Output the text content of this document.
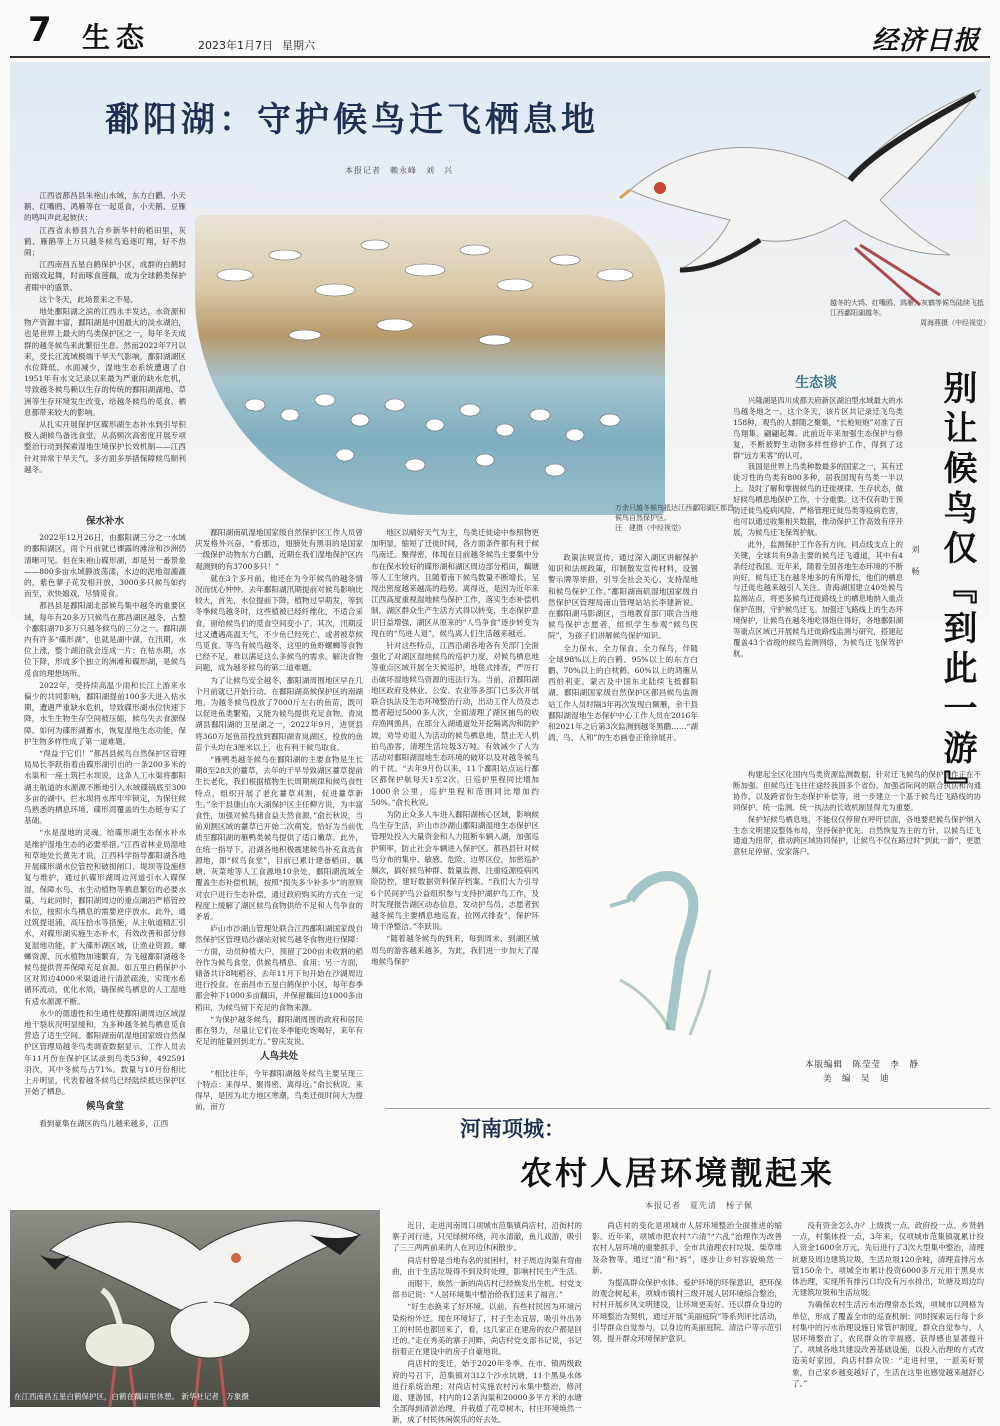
7 生态	2023年1月7日 星期六	经济日报
鄱阳湖：守护候鸟迁飞栖息地
本报记者　赖永峰　刘　兴
越冬的大鸨、红嘴鸥、鸿雁、灰鹤等候鸟陆续飞抵江西鄱阳湖越冬。

周海燕摄（中经视觉）
万余只越冬候鸟抵达江西鄱阳湖区都昌候鸟自然保护区。
汪　建摄（中经视觉）

江西省都昌县朱袍山水域，东方白鹳、小天鹅、红嘴鸥、鸿雁等在一起觅食，小天鹅、豆雁的鸣叫声此起彼伏；

江西省永修县九合乡新华村的稻田里，灰鹤、雁鹅等上万只越冬候鸟追逐叮翔，好不热闹；

江西南昌五星白鹤保护小区，成群的白鹤时而嬉戏起舞，时而啄食莲藕，成为全球鹤类保护者眼中的盛景。

这个冬天，此场景来之不易。

地处鄱阳湖之滨的江西永丰发达，水资源和物产资源丰富，鄱阳湖是中国最大的淡水湖泊，也是世界上最大的鸟类保护区之一，每年冬天成群的越冬候鸟来此繁衍生息。然而2022年7月以来，受长江流域极端干旱天气影响，鄱阳湖湖区水位降低、水面减少，湿地生态系统遭遇了自1951年有水文记录以来最为严重的缺水危机，导致越冬候鸟赖以生存的传统的鄱阳湖湖地、草洲等生存环境发生改变，给越冬候鸟的觅食、栖息都带来较大的影响。

从扎实开展保护区碟形湖生态补水到引导积极入湖候鸟备选食堂，从高频次高密度开展专项整治行动到探索湿地生境保护长效机制——江西针对异常干旱天气，多方面多举措保障候鸟顺利越冬。

保水补水

2022年12月26日，由鄱阳湖三分之一水域的鄱阳湖区，雨个月前就已裸露的滩涂和沙洲仍清晰可见。但在朱袍山碟形湖，却是另一番景象——800多亩水域静波荡漾，水边的泥地湿漉漉的，紫色蓼子花发相开放，3000多只候鸟如约而至，欢快嬉戏、尽情觅食。

都昌县是鄱阳湖北部候鸟集中越冬的重要区域，每年有20多万只候鸟在都昌湖区越冬，占整个鄱阳湖70多万只越冬候鸟的三分之一。鄱阳湖内有许多“碟形湖”，也就是湖中湖，在汛期，水位上涨，整个湖泊就会连成一片；在枯水期，水位下降，形成多个独立的洲滩和碟形湖，是候鸟觅食的理想场所。

2022年，受持续高温少雨和长江上游来水偏少的共同影响，鄱阳湖提前100多天进入枯水期，遭遇严重缺水危机，导致碟形湖水位快速下降，水生生物生存空间被压缩，候鸟失去食源保障。如何为碟形湖蓄水，恢复湿地生态功能，保护生物多样性成了第一道难题。

“得益于它们！”都昌县候鸟自然保护区管理局局长李跃指着由碟形湖引出的一条200多米的水渠和一座土筑拦水坝说，这条人工水渠将鄱阳湖主航道的水源源不断地引入水域碟锅底至300多亩的湖中。拦水坝将水库牢牢锁定，为保住候鸟熟悉的栖息环境、碟形湾覆盖的生态链夯实了基础。

“水是湿地的灵魂。给碟形湖生态保水补水是维护湿地生态的必要举措。”江西省林业局湿地和草地处长黄先才说，江西科学指导鄱阳湖各地开展碟形湖水位管控和破损闸口、堤坝等设施修复与维护，通过扒碟形湖周边河道引水入碟保湿，保障水鸟、水生动植物等栖息繁衍的必要水量。与此同时，鄱阳湖周边的重点湖泊严格管控水位，按照水鸟栖息的需要逆序放水。此外，通过筑提退浦，高压拾水等措施，从主航道精汇引水，对碟形湖实施生态补水，有效改善和部分修复湿地功能，扩大碟形湖区域，让渔业资源、螺蛳资源、沉水植物加速繁育，为飞越鄱阳湖越冬候鸟提供营养保障充足食源。如五里白鹤保护小区对周边4000米渠道进行清淤疏浚，实现水系循环流动，优化水质，确保候鸟栖息的人工湿地有适水源源不断。

水少的德遗性和生通性使鄱阳湖周边区域湿地干裂状况明显缓和，为多种越冬候鸟栖息觅食营造了适生空间。鄱阳湖南矶湿地国家级自然保护区管理局越冬鸟类调查数据显示，工作人员去年11月份在保护区试录到鸟类53种，492591羽次，其中冬候鸟占71%，数量与10月份相比上升明显，代表着越冬候鸟已经陆续抵达保护区开始了栖息。

候鸟食堂

看到豪集在湖区的鸟儿越来越多，江西

鄱阳湖南矶湿地国家级自然保护区工作人员曾庆发格外兴奋，“看那边，翅膀处有黑羽的是国家一级保护动物东方白鹳，近期在我们湿地保护区内观测到的有3700多只！”

就在3个多月前，他还在为今年候鸟的越冬情况而忧心忡忡。去年鄱阳湖汛期提前对候鸟影响比较大，首先，水位提前下降，植物过早萌发，等到冬季候鸟越冬时，这些植被已经纤维化，不适合采食，留给候鸟们的觅食空间变小了。其次，汛期反过又遭遇高温天气，不少鱼已经死亡，或者被草候鸟觅食。等鸟有候鸟越冬，这里的鱼虾螺蛳等食物已经不足，难以满足这么多候鸟的需求。解决食物问题，成为越冬候鸟的第二道难题。

为了让候鸟安全越冬，鄱阳湖周围地区早在几个月前就已开始行动。在鄱阳湖高候保护区的南湖地，为越冬候鸟投放了7000斤左右的鱼苗，既可以促进鱼类繁殖，又能为候鸟提供充足食物。青岚湖县鄱阳湖的卫星湖之一，2022年9月，进贤县将360万尾鱼苗投放到鄱阳湖青岚湖区，投放的鱼苗个头均在3厘米以上，也有利于候鸟取食。

“雁鸭类越冬候鸟在鄱阳湖的主要食物是生长期8至28天的薹草，去年的干旱导致湖区薹草提前生长老化，我们根据植物生长周期规律和候鸟食性特点，组织开展了老化薹草刈割，促进薹草新生。”余干县康山东大湖保护区主任柳方说，为丰富食性，加强对候鸟储食益天然食源，”俞长秋说，当前刈割区域的薹草已开始二次萌发，恰好为当前优质至鄱阳湖的雁鸭类候鸟提供了适口嫩草。此外，在统一指导下，沿湖各地积极震建候鸟补充食选食源地，即“候鸟食堂”，目前已累计建备稻田、藕塘、灰菜地等人工食源地10余处，鄱阳湖流域全覆盖生态补偿机制，按照“损失多少补多少”的原则对农户进行生态补偿，通过政府购买的方式在一定程度上缓解了湖区候鸟食物供给不足和人鸟争食的矛盾。

庐山市沙湖山管理处联合江西鄱阳湖国家级自然保护区管理局沙湖站对候鸟越冬食物进行保障：一方面，动员种植大户，预留了200亩未收割的稻谷作为候鸟食堂，供候鸟栖息、食用；另一方面，储备共计8吨稻谷，去年11月下旬开始在沙湖周边进行投食。在南昌市五星白鹤保护小区，每年春季都会种下1000多亩藕田，并保留藕田边1000多亩稻田，为候鸟留下充足的食物来源。

“为保护越冬候鸟，鄱阳湖周围的政府和居民都在努力，尽量让它们在冬季能吃饱喝好，来年有充足的能量回到北方。”曾庆发说。

人鸟共处

“相比往年，今年鄱阳湖越冬候鸟主要呈现三个特点：来得早、聚得密、离得近。”俞长秋说。来得早，是因为北方地区寒潮，鸟类迁徙时间大为提前，南方

地区以晴好天气为主，鸟类迁徙途中参照物更加明显，缩短了迁徙时间，各方面条件都有利于候鸟南迁。聚得密，体现在目前越冬候鸟主要集中分布在保水较好的碟形湖和湖区周边部分稻田，藕塘等人工生境内，且随着南下候鸟数量不断增长，呈现出密度越来越高的趋势。离得近，是因为近年来江西高度重视湿地候鸟保护工作，落实生态补偿机制，湖区群众生产生活方式得以转变，生态保护意识日益增强，湖区从原来的“人鸟争食”逐步转变为现在的“鸟进人退”，候鸟离人们生活越来越近。

针对这些特点，江西沿湖各地各有关部门全面强化了对湖区湿地候鸟的巡护力度，对候鸟栖息地等重点区域开展全天候巡护，地毯式排查，严厉打击破坏湿地候鸟资源的违法行为。当前，沿鄱阳湖地区政府及林业、公安、农业等多部门已多次开展联合执法及生态环境整治行动，出动工作人员及志愿者超过5000多人次，全面清理了湖区捕鸟的收弃渔网渔具，在部分入湖通道处开挖隔离沟和防护坡，劝导劝退人为活动的候鸟栖息地，禁止无人机拍鸟游客，清理生活垃圾3万吨。有效减少了人为活动对鄱阳湖湿地生态环境的破坏以及对越冬候鸟的干扰。“去年9月份以来，11个鄱阳站点运行鄱区都保护航每天1至2次，日巡护里程同比增加1000余公里，巡护里程和范围同比增加约50%。”俞长秋说。

为防止众多人车进入鄱阳湖核心区域，影响候鸟生存生活，庐山市沙湖山鄱阳湖湿地生态保护区管理处投入大量资金和人力阻断车辆入湖，加强巡护频率，防止社会车辆进入保护区。都昌县针对候鸟分布的集中、敏感、危险、边界区位，加密巡护频次，搞好候鸟种群、数量监测，注重疫源疫病风险防控，建好数据资料保存档案。“我们大力引导6个民间护鸟公益组织参与支持护湖护鸟工作，及时发现报告湖区动态信息，发动护鸟员、志愿者到越冬候鸟主要栖息地巡查，拉网式排查”，保护环境干净整洁。”李跃说。

“随着越冬候鸟的到来，每到周末，到湖区城周鸟的游客越来越多，为此，我们进一步加大了湿地候鸟保护

政策法规宣传，通过深入湖区讲解保护知识和法规政策，印制散发宣传材料，设置警示牌等举措，引导全社会关心、支持湿地和候鸟保护工作。”鄱阳湖南矶湿地国家级自然保护区管理局南山管理站站长李建新说。在鄱阳湖马影湖区，当地教育部门联合当地候鸟保护志愿者，组织学生参观“候鸟医院”，为孩子们讲解候鸟保护知识。

全力保水、全力保食、全力保鸟，伴随全球98%以上的白鹤、95%以上的东方白鹳、70%以上的白枕鹤、60%以上的鸿雁从西伯利亚、蒙古及中国东北陆续飞抵鄱阳湖。鄱阳湖国家级自然保护区都昌候鸟监测站工作人员时隔3年再次发现白额雁，余干县鄱阳湖湿地生态保护中心工作人员在2016年和2021年之后第3次监测到越冬黑鹳……“湖鸽、鸟、人和”的生态画卷正徐徐展开。

生态谈	别让候鸟仅『到此一游』
刘　畅

兴隆湖是四川成都天府新区湖泊型水域最大的水鸟越冬地之一。这个冬天，该片区共记录迁飞鸟类158种，观鸟的人群随之聚集，“长枪短炮”对准了百鸟翔集、翩翩起舞。此前近年来加强生态保护与修复，不断被野生动物多样性修护工作，得到了这群“远方来客”的认可。

我国是世界上鸟类种数最多的国家之一，其有迁徙习性的鸟类有800多种，居我国现有鸟类一半以上。及时了解和掌握候鸟的迁徙规律、生存状态，做好候鸟栖息地保护工作，十分重要。这不仅有助于预防迁徙鸟疫病风险、严格管理迁徙鸟类等疫病危害，也可以通过收集相关数据，推动保护工作高效有序开展，为候鸟迁飞保驾护航。

此外，监测保护工作各有方向。同点线支点上的关键，全球共有9条主要的候鸟迁飞通道，其中有4条经过我国。近年来，随着全国各地生态环境的不断向好，候鸟迁飞在越冬地多的有所增长，他们的栖息与迁徙也越来越引人关注。青海湖国建立40处候鸟监测站点，将更多候鸟迁徙路线上的栖息地纳入重点保护范围，守护候鸟迁飞。加强迁飞路线上的生态环境保护，让候鸟在越冬地吃得饱住得好，各地鄱阳湖等重点区域已开展候鸟迁徙路线监测与研究，搭建起覆盖43个省级的候鸟监测网络，为候鸟迁飞保驾护航。

构建起全区化国内鸟类资源监测数据，针对迁飞候鸟的保护工作正在不断加强。但候鸟迁飞往往途经我国多个省份，加强省际间的联合执法和沟通协作，以及跨省份生态保护补偿等，进一步建立一个基于候鸟迁飞路线的协同保护、统一监测、统一执法的长效机制显得尤为重要。

保护好候鸟栖息地，不能仅仅停留在呼吁层面，各地要把候鸟保护纳入生态文明建设整体布局，坚持保护优先、自然恢复为主的方针，以候鸟迁飞通道为纽带，推动跨区域协同保护，让候鸟不仅在路过时“到此一游”，更愿意驻足停留、安家落户。

本版编辑　陈莹莹　李　静
美　编　吴　迪
在江西南昌五星白鹤保护区，白鹤在藕田里休憩。 新华社记者　万象摄
河南项城：
农村人居环境靓起来
本报记者　夏先清　杨子佩

近日，走进河南周口项城市范集镇尚店村，沿街村的寨子河行进，只见绿树环绕，河水清澈，鱼儿戏游，吸引了三三两两前来的人在河边休闲散步。

尚店村曾是当地有名的贫困村，村子周边沟渠有弯曲曲，由于生活垃圾得不到及时处理，影响村民生产生活。

而眼下，焕然一新的尚店村已经焕发出生机。村党支部书记说：“人居环境集中整治给我们送来了福音。”

“好生态换来了好环境。以前，有些村民因为环境污染纷纷外迁。现在环境好了，村子生态宜居，吸引外出务工的村民也都回来了，看，这几家正在建房的农户都是回迁的。”走在秀美的寨子河畔，尚店村党支部书记说，书记指着正在建设中的房子自豪地说。

尚店村的变迁，始于2020年冬季。在市、镇两级政府的号召下，范集镇对312个沙水坑塘、11个黑臭水体进行系统治理；对尚店村实施农村污水集中整治，修河道、建游园，村内的12条沟渠和20000多平方米的水塘全部得到清淤治理，并栽植了花草树木，村庄环境焕然一新，成了村民休闲娱乐的好去处。

尚店村的变化是项城市人居环境整治全面推进的缩影。近年来，项城市把农村“六清”“六乱”治理作为改善农村人居环境的重要抓手，全市共清理农村垃圾、柴草堆及杂物等，通过“清”和“拆”，逐步让乡村容貌焕然一新。

为提高群众保护水体、爱护环境的环保意识，把环保的观念树起来，项城市镇村三级开展人居环境综合整治，村村开展乡风文明建设，让环境更美好。还以群众身边的环境整治为契机，通过开展“美丽庭院”等系列评比活动，引导群众自觉参与，以身边的美丽庭院、清洁户等示范引领，提升群众环境保护意识。

没有资金怎么办？上级拨一点、政府投一点、乡贤捐一点，村集体投一点，3年来，仅项城市范集镇就累计投入资金1600余万元，先后进行了3次大型集中整治，清理坑塘及周边建筑垃圾，生活垃圾120余吨，清理直排污水管150余个。项城全市累计投资6000多万元用于黑臭水体治理，实现所有排污口均没有污水排出，坑塘及周边均无建筑垃圾和生活垃圾。

为确保农村生活污水治理常态长效，项城市以网格为单位，形成了覆盖全市的巡查机制；同时探索运行每个乡村集中的污水治理设施日常管护制度，群众自觉参与，人居环境整治了，农民群众的幸福感、获得感也显著提升了。项城各地共建设改善基础设施，以投入治理的方式改造美好家园，尚店村群众说：“走进村里，一派美好景象，自己家乡越变越好了，生活在这里也感觉越来越舒心了。”
